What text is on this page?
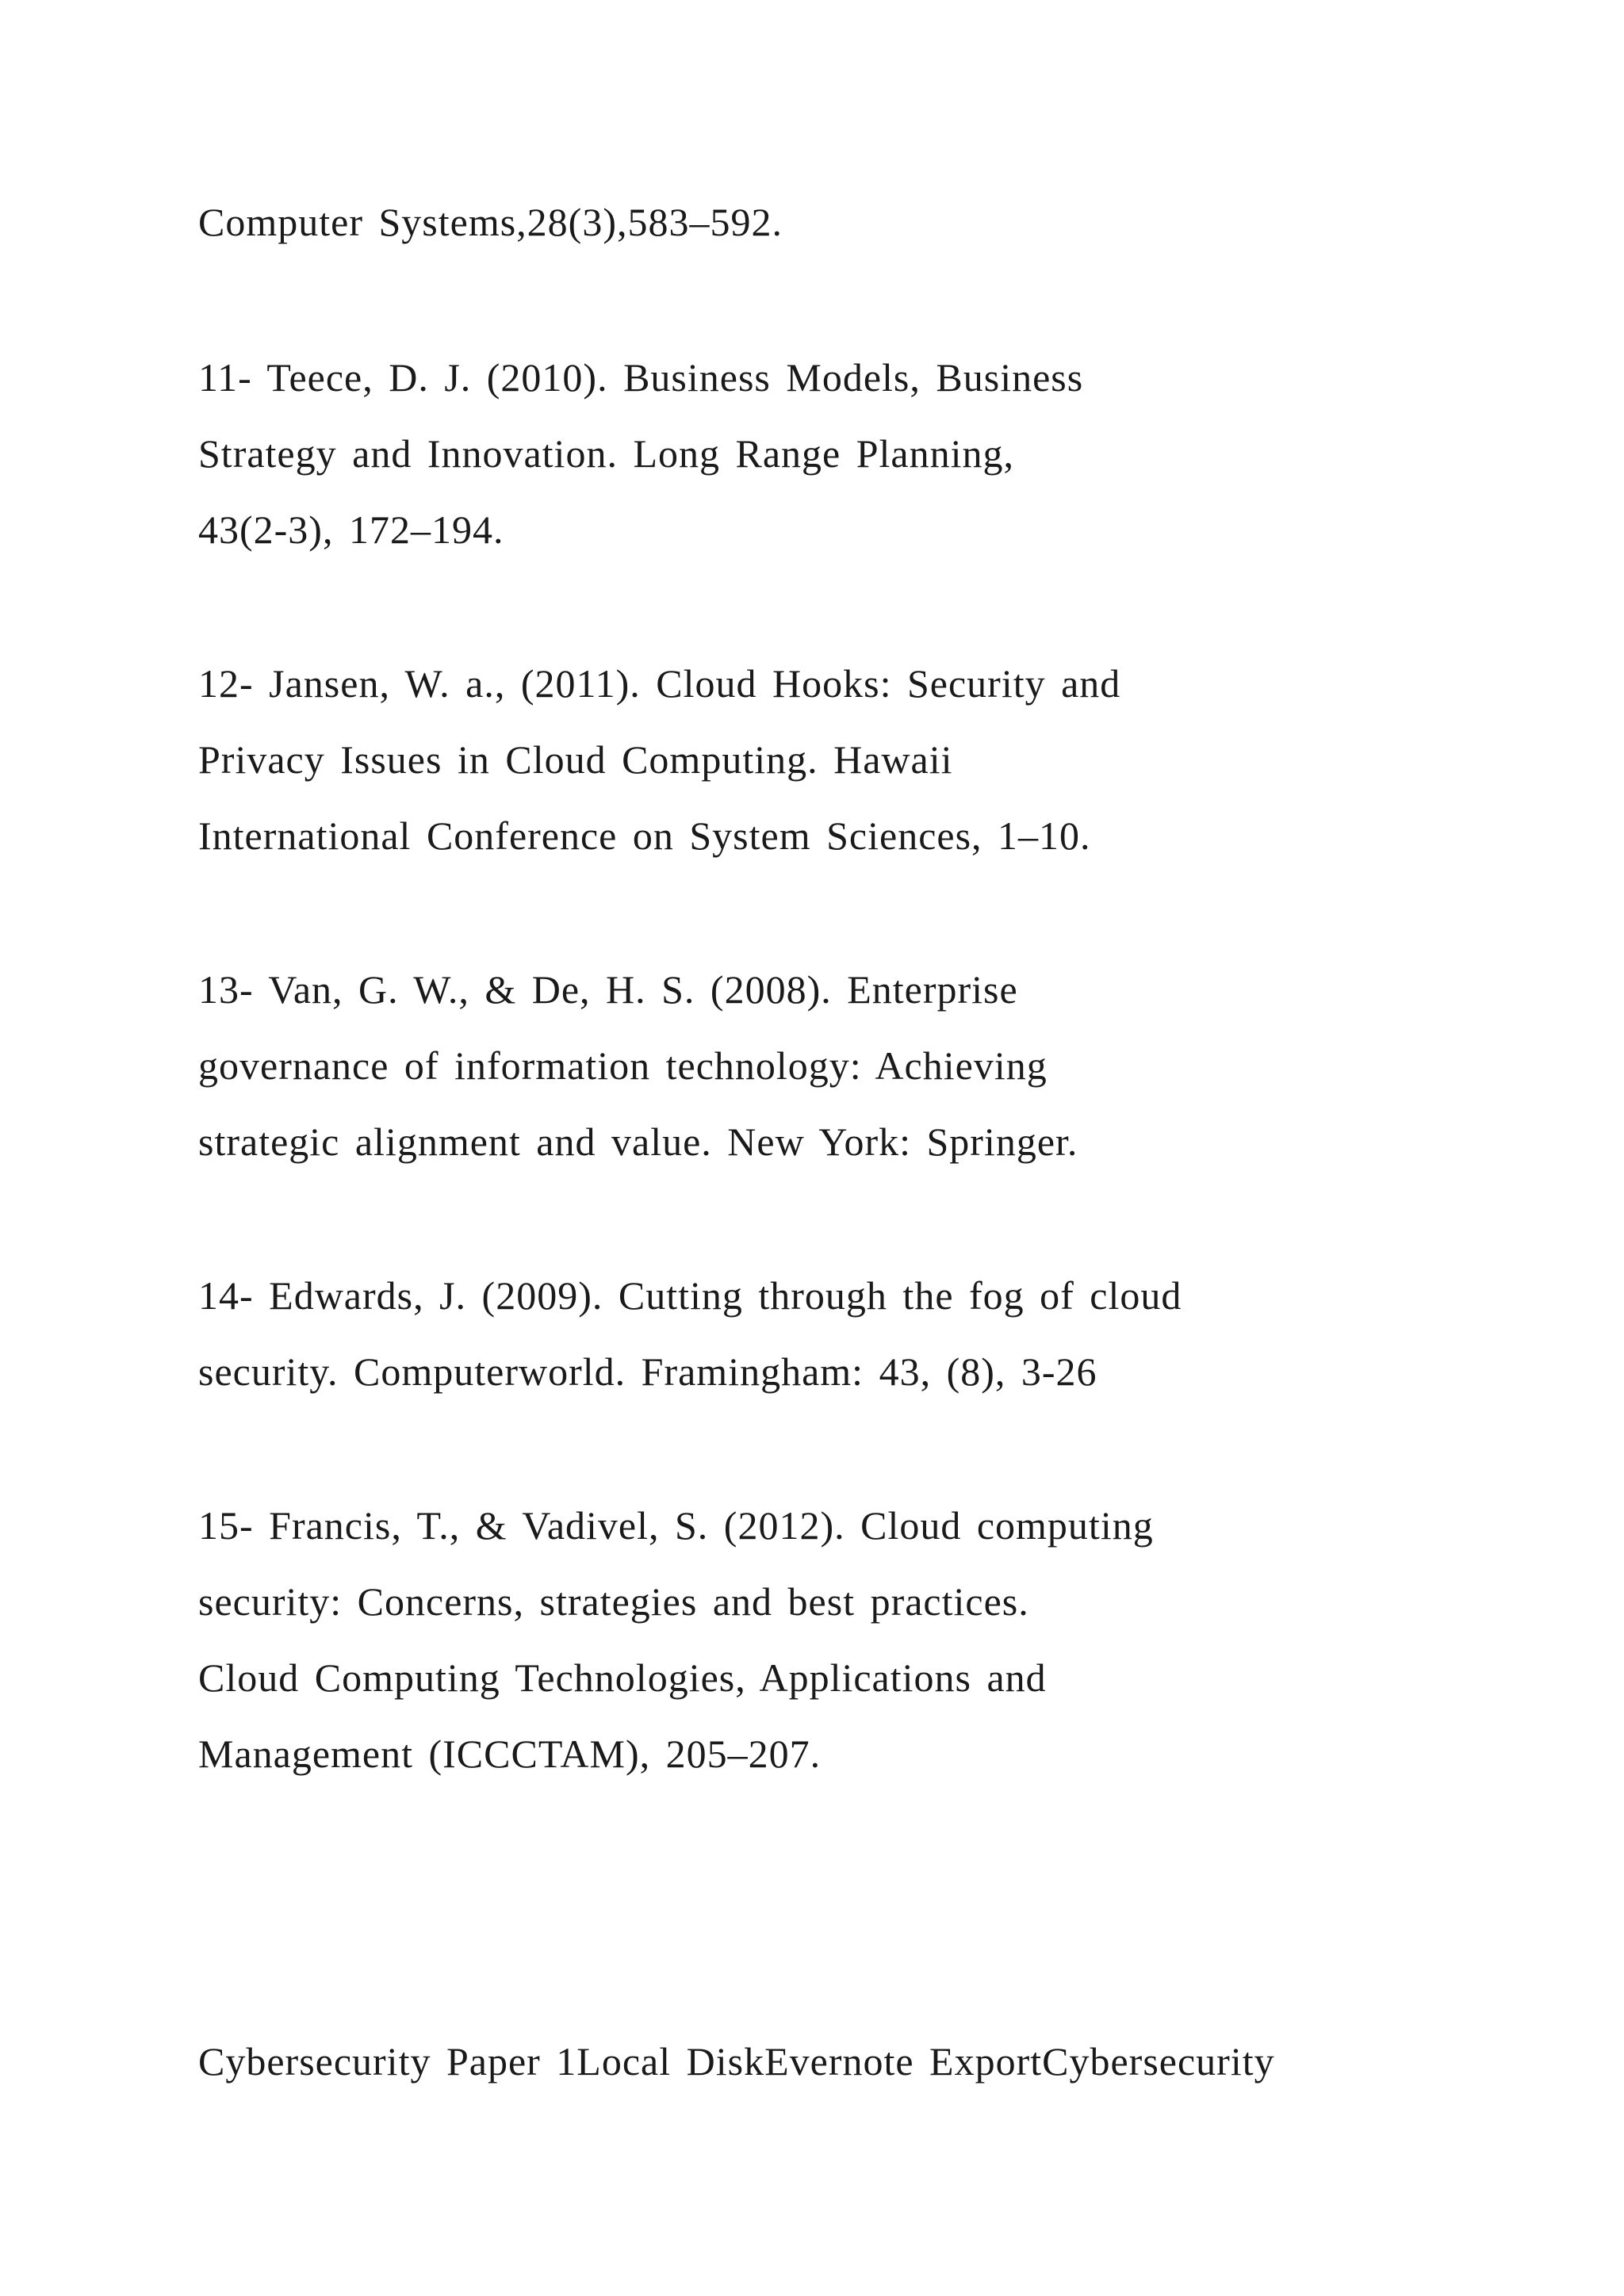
Computer Systems,28(3),583–592.
11- Teece, D. J. (2010). Business Models, Business
Strategy and Innovation. Long Range Planning,
43(2-3), 172–194.
12- Jansen, W. a., (2011). Cloud Hooks: Security and
Privacy Issues in Cloud Computing. Hawaii
International Conference on System Sciences, 1–10.
13- Van, G. W., & De, H. S. (2008). Enterprise
governance of information technology: Achieving
strategic alignment and value. New York: Springer.
14- Edwards, J. (2009). Cutting through the fog of cloud
security. Computerworld. Framingham: 43, (8), 3-26
15- Francis, T., & Vadivel, S. (2012). Cloud computing
security: Concerns, strategies and best practices.
Cloud Computing Technologies, Applications and
Management (ICCCTAM), 205–207.
Cybersecurity Paper 1Local DiskEvernote ExportCybersecurity
